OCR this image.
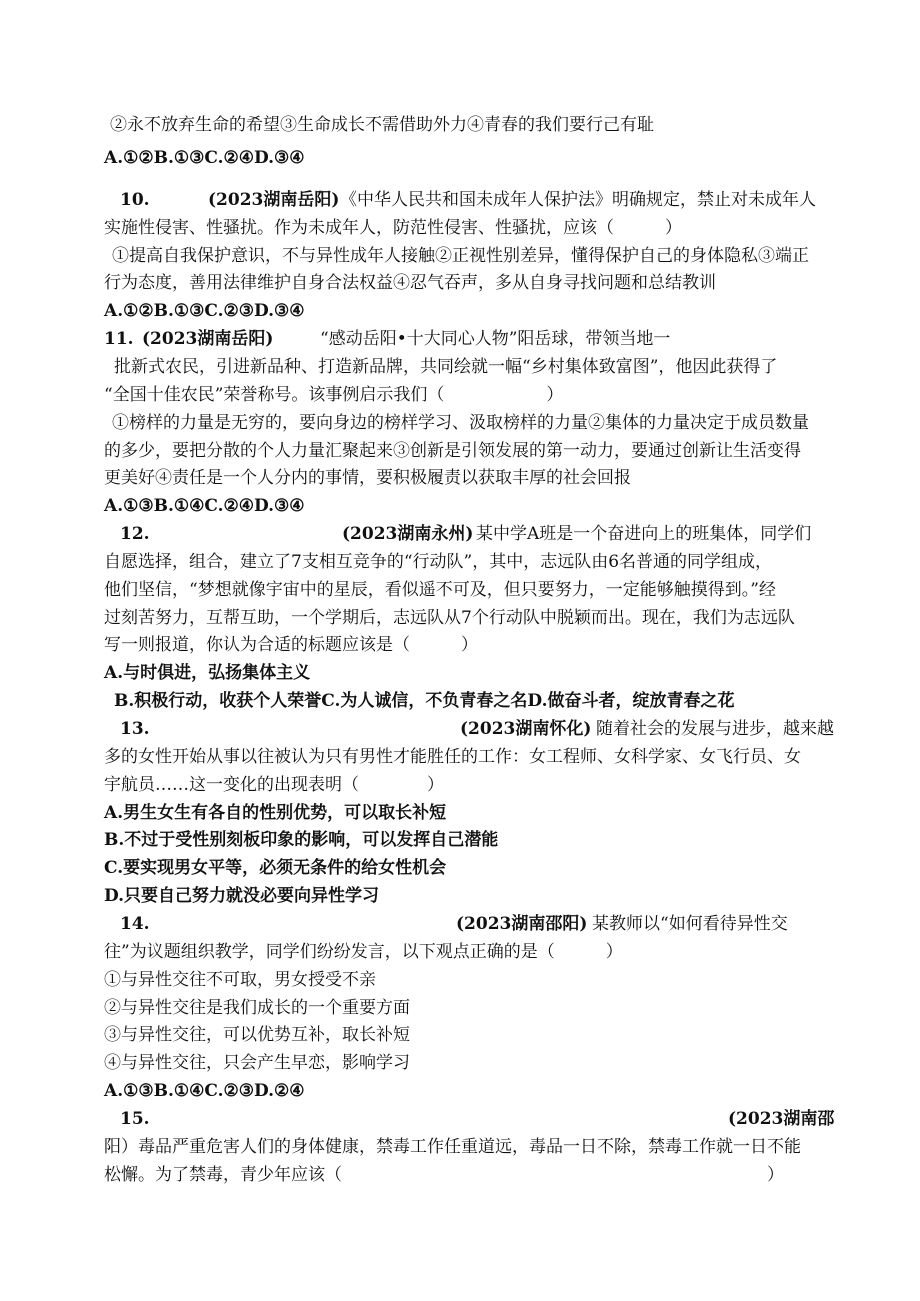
②永不放弃生命的希望③生命成长不需借助外力④青春的我们要行己有耻
A.①②B.①③C.②④D.③④
10.	(2023湖南岳阳) 《中华人民共和国未成年人保护法》明确规定，禁止对未成年人
实施性侵害、性骚扰。作为未成年人，防范性侵害、性骚扰，应该（　　　）
①提高自我保护意识，不与异性成年人接触②正视性别差异，懂得保护自己的身体隐私③端正
行为态度，善用法律维护自身合法权益④忍气吞声，多从自身寻找问题和总结教训
A.①②B.①③C.②③D.③④
11. (2023湖南岳阳)	“感动岳阳•十大同心人物”阳岳球，带领当地一
批新式农民，引进新品种、打造新品牌，共同绘就一幅“乡村集体致富图”，他因此获得了
“全国十佳农民”荣誉称号。该事例启示我们（　　　　　　）
①榜样的力量是无穷的，要向身边的榜样学习、汲取榜样的力量②集体的力量决定于成员数量
的多少，要把分散的个人力量汇聚起来③创新是引领发展的第一动力，要通过创新让生活变得
更美好④责任是一个人分内的事情，要积极履责以获取丰厚的社会回报
A.①③B.①④C.②④D.③④
12.	(2023湖南永州) 某中学A班是一个奋进向上的班集体，同学们
自愿选择，组合，建立了7支相互竞争的“行动队”，其中，志远队由6名普通的同学组成，
他们坚信，“梦想就像宇宙中的星辰，看似遥不可及，但只要努力，一定能够触摸得到。”经
过刻苦努力，互帮互助，一个学期后，志远队从7个行动队中脱颖而出。现在，我们为志远队
写一则报道，你认为合适的标题应该是（　　　）
A.与时俱进，弘扬集体主义
B.积极行动，收获个人荣誉C.为人诚信，不负青春之名D.做奋斗者，绽放青春之花
13.	(2023湖南怀化) 随着社会的发展与进步，越来越
多的女性开始从事以往被认为只有男性才能胜任的工作：女工程师、女科学家、女飞行员、女
宇航员……这一变化的出现表明（　　　　）
A.男生女生有各自的性别优势，可以取长补短
B.不过于受性别刻板印象的影响，可以发挥自己潜能
C.要实现男女平等，必须无条件的给女性机会
D.只要自己努力就没必要向异性学习
14.	(2023湖南邵阳) 某教师以“如何看待异性交
往”为议题组织教学，同学们纷纷发言，以下观点正确的是（　　　）
①与异性交往不可取，男女授受不亲
②与异性交往是我们成长的一个重要方面
③与异性交往，可以优势互补，取长补短
④与异性交往，只会产生早恋，影响学习
A.①③B.①④C.②③D.②④
15.	(2023湖南邵
阳）毒品严重危害人们的身体健康，禁毒工作任重道远，毒品一日不除，禁毒工作就一日不能
松懈。为了禁毒，青少年应该（　　　　　　　　　　　　　　　　　　　　　　　　　）
